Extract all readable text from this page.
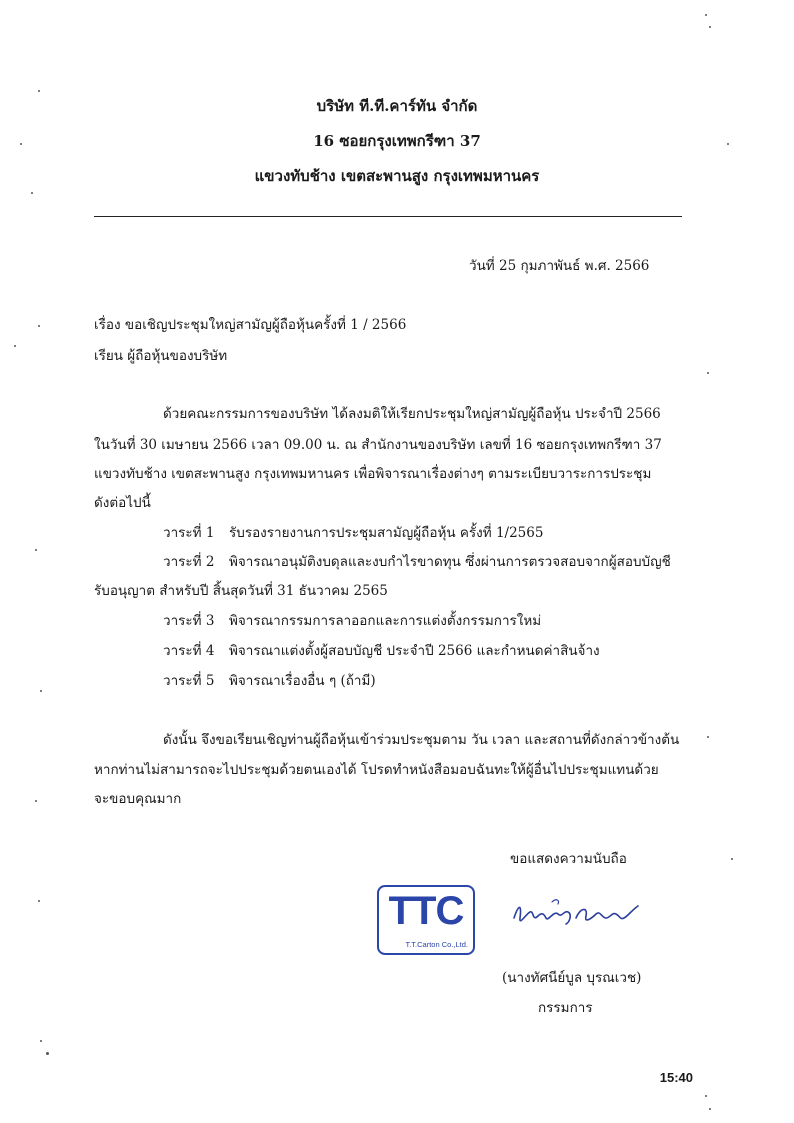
บริษัท ที.ที.คาร์ทัน จำกัด
16 ซอยกรุงเทพกรีฑา 37
แขวงทับช้าง เขตสะพานสูง กรุงเทพมหานคร
วันที่ 25 กุมภาพันธ์ พ.ศ. 2566
เรื่อง ขอเชิญประชุมใหญ่สามัญผู้ถือหุ้นครั้งที่ 1 / 2566
เรียน ผู้ถือหุ้นของบริษัท
ด้วยคณะกรรมการของบริษัท ได้ลงมติให้เรียกประชุมใหญ่สามัญผู้ถือหุ้น ประจำปี 2566
ในวันที่ 30 เมษายน 2566 เวลา 09.00 น. ณ สำนักงานของบริษัท เลขที่ 16 ซอยกรุงเทพกรีฑา 37
แขวงทับช้าง เขตสะพานสูง กรุงเทพมหานคร เพื่อพิจารณาเรื่องต่างๆ ตามระเบียบวาระการประชุม
ดังต่อไปนี้
วาระที่ 1 รับรองรายงานการประชุมสามัญผู้ถือหุ้น ครั้งที่ 1/2565
วาระที่ 2 พิจารณาอนุมัติงบดุลและงบกำไรขาดทุน ซึ่งผ่านการตรวจสอบจากผู้สอบบัญชี
รับอนุญาต สำหรับปี สิ้นสุดวันที่ 31 ธันวาคม 2565
วาระที่ 3 พิจารณากรรมการลาออกและการแต่งตั้งกรรมการใหม่
วาระที่ 4 พิจารณาแต่งตั้งผู้สอบบัญชี ประจำปี 2566 และกำหนดค่าสินจ้าง
วาระที่ 5 พิจารณาเรื่องอื่น ๆ (ถ้ามี)
ดังนั้น จึงขอเรียนเชิญท่านผู้ถือหุ้นเข้าร่วมประชุมตาม วัน เวลา และสถานที่ดังกล่าวข้างต้น
หากท่านไม่สามารถจะไปประชุมด้วยตนเองได้ โปรดทำหนังสือมอบฉันทะให้ผู้อื่นไปประชุมแทนด้วย
จะขอบคุณมาก
ขอแสดงความนับถือ
TTC
T.T.Carton Co.,Ltd.
(นางทัศนีย์บูล บุรณเวช)
กรรมการ
15:40
